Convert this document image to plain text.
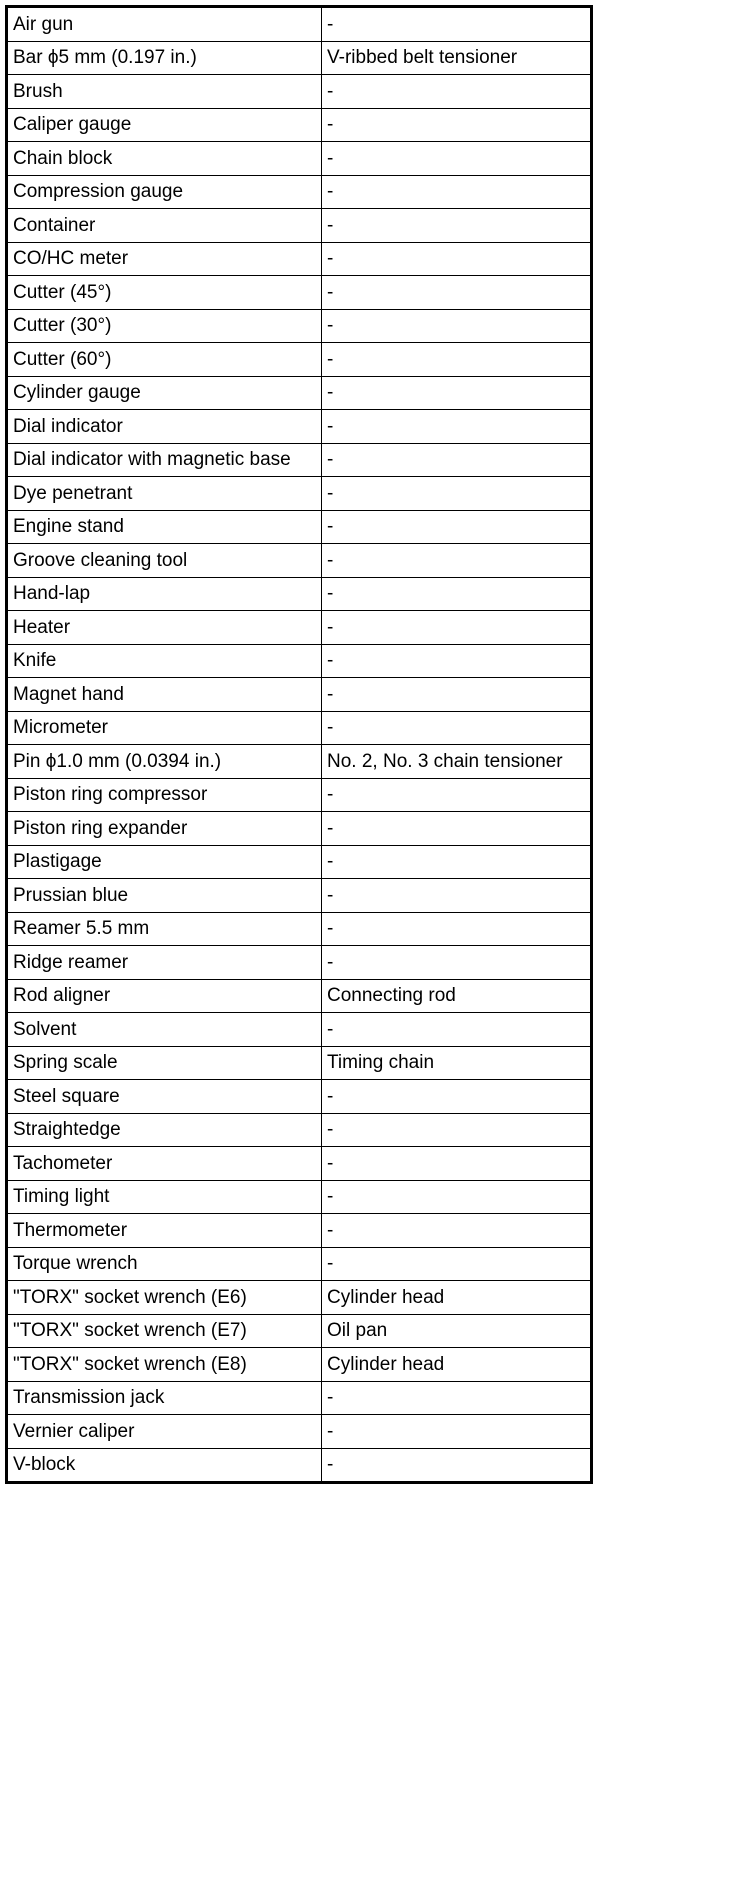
Air gun	-
Bar ϕ5 mm (0.197 in.)	V-ribbed belt tensioner
Brush	-
Caliper gauge	-
Chain block	-
Compression gauge	-
Container	-
CO/HC meter	-
Cutter (45°)	-
Cutter (30°)	-
Cutter (60°)	-
Cylinder gauge	-
Dial indicator	-
Dial indicator with magnetic base	-
Dye penetrant	-
Engine stand	-
Groove cleaning tool	-
Hand-lap	-
Heater	-
Knife	-
Magnet hand	-
Micrometer	-
Pin ϕ1.0 mm (0.0394 in.)	No. 2, No. 3 chain tensioner
Piston ring compressor	-
Piston ring expander	-
Plastigage	-
Prussian blue	-
Reamer 5.5 mm	-
Ridge reamer	-
Rod aligner	Connecting rod
Solvent	-
Spring scale	Timing chain
Steel square	-
Straightedge	-
Tachometer	-
Timing light	-
Thermometer	-
Torque wrench	-
"TORX" socket wrench (E6)	Cylinder head
"TORX" socket wrench (E7)	Oil pan
"TORX" socket wrench (E8)	Cylinder head
Transmission jack	-
Vernier caliper	-
V-block	-
